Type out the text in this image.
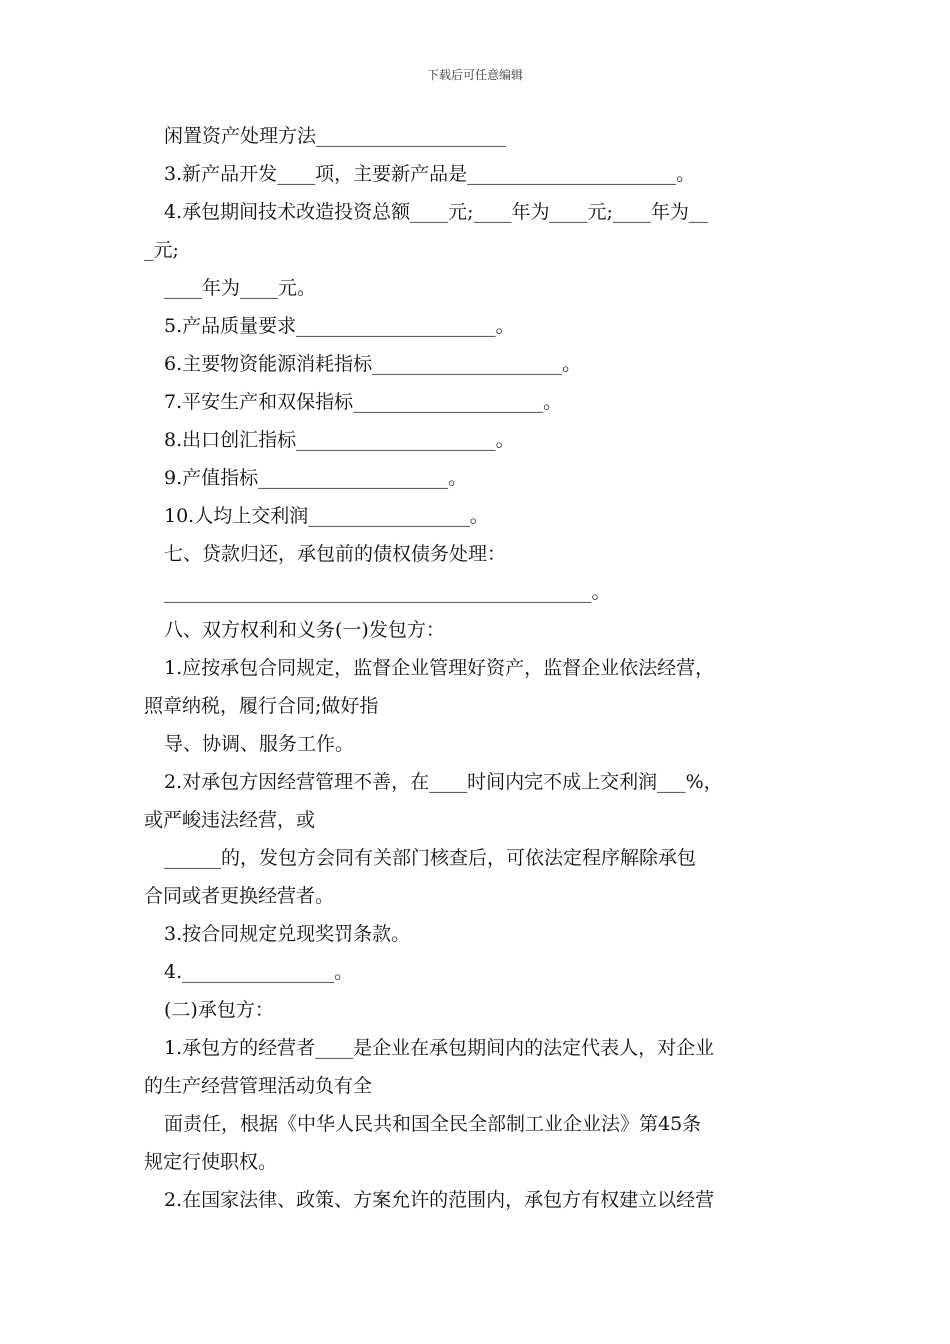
下载后可任意编辑
闲置资产处理方法____________________
3.新产品开发____项，主要新产品是______________________。
4.承包期间技术改造投资总额____元;____年为____元;____年为__
_元;
____年为____元。
5.产品质量要求_____________________。
6.主要物资能源消耗指标____________________。
7.平安生产和双保指标____________________。
8.出口创汇指标_____________________。
9.产值指标____________________。
10.人均上交利润_________________。
七、贷款归还，承包前的债权债务处理：
_____________________________________________。
八、双方权利和义务(一)发包方：
1.应按承包合同规定，监督企业管理好资产，监督企业依法经营，
照章纳税，履行合同;做好指
导、协调、服务工作。
2.对承包方因经营管理不善，在____时间内完不成上交利润___%，
或严峻违法经营，或
______的，发包方会同有关部门核查后，可依法定程序解除承包
合同或者更换经营者。
3.按合同规定兑现奖罚条款。
4.________________。
(二)承包方：
1.承包方的经营者____是企业在承包期间内的法定代表人，对企业
的生产经营管理活动负有全
面责任，根据《中华人民共和国全民全部制工业企业法》第45条
规定行使职权。
2.在国家法律、政策、方案允许的范围内，承包方有权建立以经营
